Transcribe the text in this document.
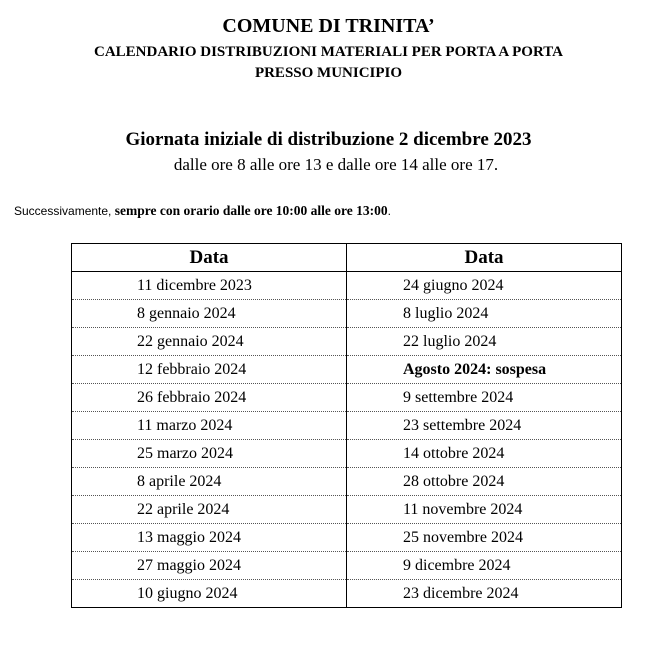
COMUNE DI TRINITA’
CALENDARIO DISTRIBUZIONI MATERIALI PER PORTA A PORTA
PRESSO MUNICIPIO
Giornata iniziale di distribuzione 2 dicembre 2023
dalle ore 8 alle ore 13 e dalle ore 14 alle ore 17.
Successivamente, sempre con orario dalle ore 10:00 alle ore 13:00.
Data	Data
11 dicembre 2023	24 giugno 2024
8 gennaio 2024	8 luglio 2024
22 gennaio 2024	22 luglio 2024
12 febbraio 2024	Agosto 2024: sospesa
26 febbraio 2024	9 settembre 2024
11 marzo 2024	23 settembre 2024
25 marzo 2024	14 ottobre 2024
8 aprile 2024	28 ottobre 2024
22 aprile 2024	11 novembre 2024
13 maggio 2024	25 novembre 2024
27 maggio 2024	9 dicembre 2024
10 giugno 2024	23 dicembre 2024
